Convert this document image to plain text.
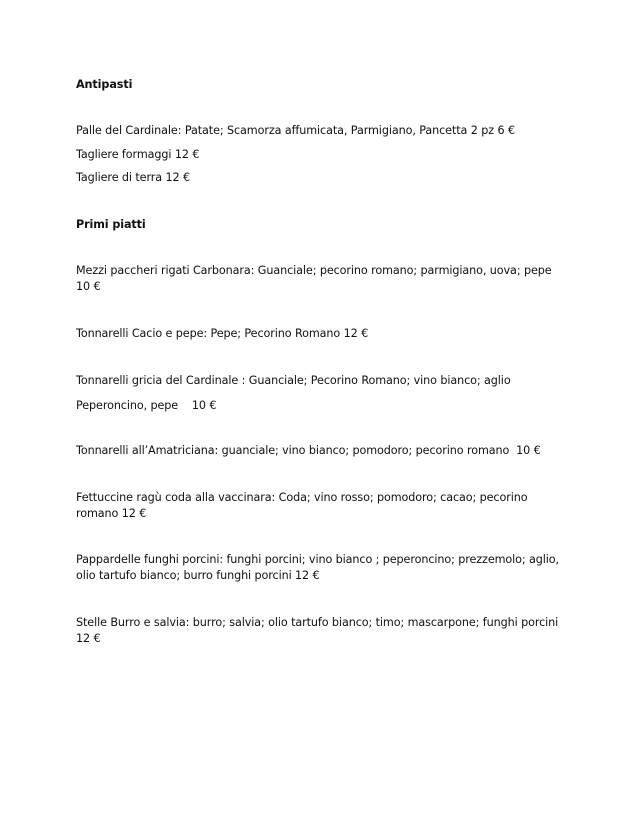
Antipasti
Palle del Cardinale: Patate; Scamorza affumicata, Parmigiano, Pancetta 2 pz 6 €
Tagliere formaggi 12 €
Tagliere di terra 12 €
Primi piatti
Mezzi paccheri rigati Carbonara: Guanciale; pecorino romano; parmigiano, uova; pepe 10 €
Tonnarelli Cacio e pepe: Pepe; Pecorino Romano 12 €
Tonnarelli gricia del Cardinale : Guanciale; Pecorino Romano; vino bianco; aglio
Peperoncino, pepe    10 €
Tonnarelli all’Amatriciana: guanciale; vino bianco; pomodoro; pecorino romano  10 €
Fettuccine ragù coda alla vaccinara: Coda; vino rosso; pomodoro; cacao; pecorino romano 12 €
Pappardelle funghi porcini: funghi porcini; vino bianco ; peperoncino; prezzemolo; aglio, olio tartufo bianco; burro funghi porcini 12 €
Stelle Burro e salvia: burro; salvia; olio tartufo bianco; timo; mascarpone; funghi porcini 12 €
